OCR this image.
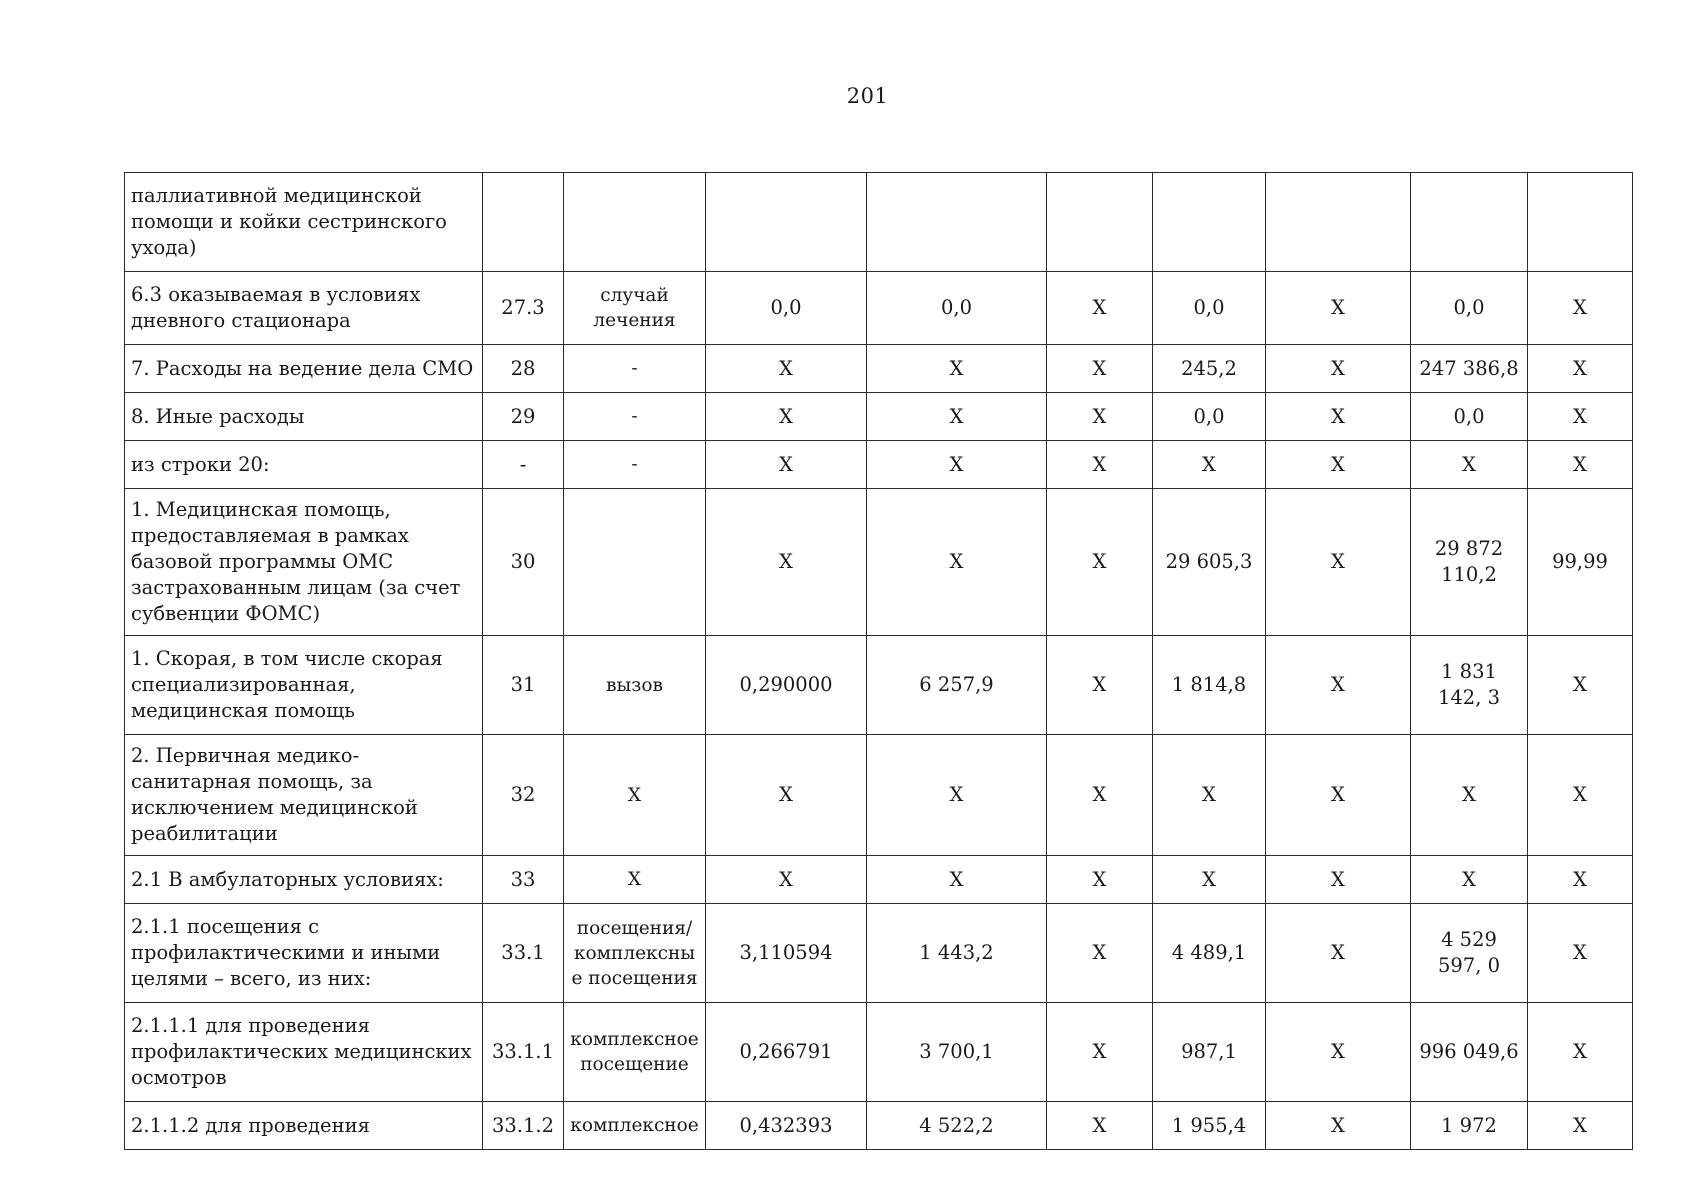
201
паллиативной медицинской помощи и койки сестринского ухода)									
6.3 оказываемая в условиях дневного стационара	27.3	случай лечения	0,0	0,0	X	0,0	X	0,0	X
7. Расходы на ведение дела СМО	28	-	X	X	X	245,2	X	247 386,8	X
8. Иные расходы	29	-	X	X	X	0,0	X	0,0	X
из строки 20:	-	-	X	X	X	X	X	X	X
1. Медицинская помощь, предоставляемая в рамках базовой программы ОМС застрахованным лицам (за счет субвенции ФОМС)	30		X	X	X	29 605,3	X	29 872 110,2	99,99
1. Скорая, в том числе скорая специализированная, медицинская помощь	31	вызов	0,290000	6 257,9	X	1 814,8	X	1 831 142, 3	X
2. Первичная медико-санитарная помощь, за исключением медицинской реабилитации	32	X	X	X	X	X	X	X	X
2.1 В амбулаторных условиях:	33	X	X	X	X	X	X	X	X
2.1.1 посещения с профилактическими и иными целями – всего, из них:	33.1	посещения/ комплексные посещения	3,110594	1 443,2	X	4 489,1	X	4 529 597, 0	X
2.1.1.1 для проведения профилактических медицинских осмотров	33.1.1	комплексное посещение	0,266791	3 700,1	X	987,1	X	996 049,6	X
2.1.1.2 для проведения	33.1.2	комплексное	0,432393	4 522,2	X	1 955,4	X	1 972	X
